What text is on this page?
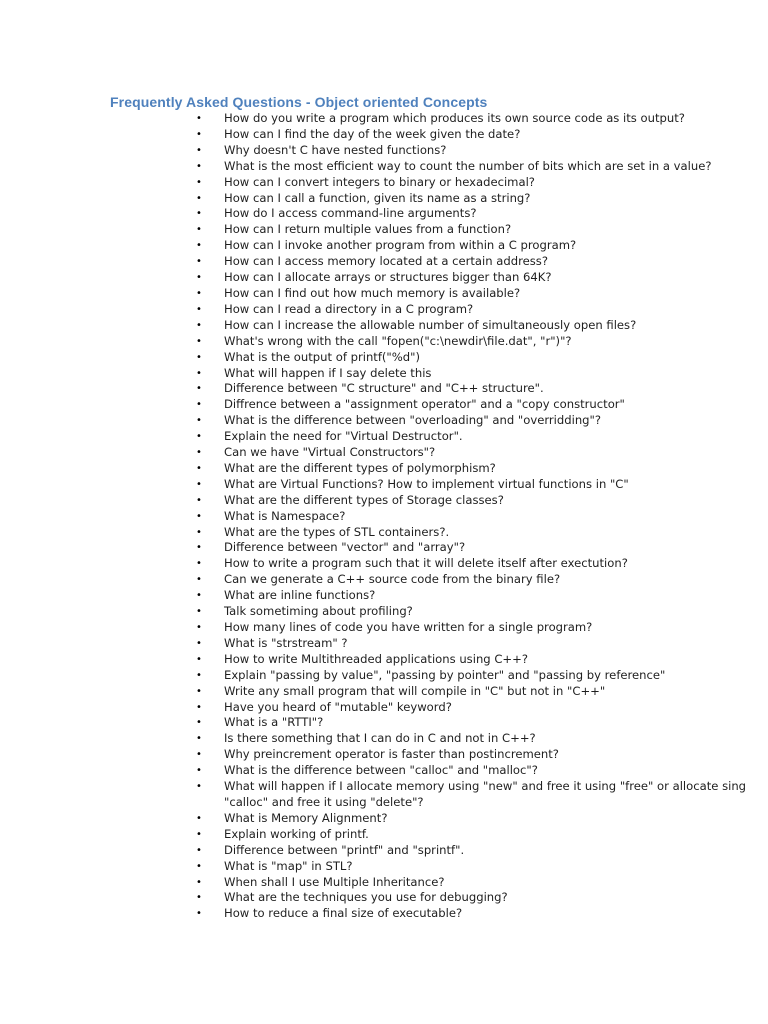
Frequently Asked Questions - Object oriented Concepts
• How do you write a program which produces its own source code as its output?
• How can I find the day of the week given the date?
• Why doesn't C have nested functions?
• What is the most efficient way to count the number of bits which are set in a value?
• How can I convert integers to binary or hexadecimal?
• How can I call a function, given its name as a string?
• How do I access command-line arguments?
• How can I return multiple values from a function?
• How can I invoke another program from within a C program?
• How can I access memory located at a certain address?
• How can I allocate arrays or structures bigger than 64K?
• How can I find out how much memory is available?
• How can I read a directory in a C program?
• How can I increase the allowable number of simultaneously open files?
• What's wrong with the call "fopen("c:\newdir\file.dat", "r")"?
• What is the output of printf("%d")
• What will happen if I say delete this
• Difference between "C structure" and "C++ structure".
• Diffrence between a "assignment operator" and a "copy constructor"
• What is the difference between "overloading" and "overridding"?
• Explain the need for "Virtual Destructor".
• Can we have "Virtual Constructors"?
• What are the different types of polymorphism?
• What are Virtual Functions? How to implement virtual functions in "C"
• What are the different types of Storage classes?
• What is Namespace?
• What are the types of STL containers?.
• Difference between "vector" and "array"?
• How to write a program such that it will delete itself after exectution?
• Can we generate a C++ source code from the binary file?
• What are inline functions?
• Talk sometiming about profiling?
• How many lines of code you have written for a single program?
• What is "strstream" ?
• How to write Multithreaded applications using C++?
• Explain "passing by value", "passing by pointer" and "passing by reference"
• Write any small program that will compile in "C" but not in "C++"
• Have you heard of "mutable" keyword?
• What is a "RTTI"?
• Is there something that I can do in C and not in C++?
• Why preincrement operator is faster than postincrement?
• What is the difference between "calloc" and "malloc"?
• What will happen if I allocate memory using "new" and free it using "free" or allocate sing
"calloc" and free it using "delete"?
• What is Memory Alignment?
• Explain working of printf.
• Difference between "printf" and "sprintf".
• What is "map" in STL?
• When shall I use Multiple Inheritance?
• What are the techniques you use for debugging?
• How to reduce a final size of executable?
